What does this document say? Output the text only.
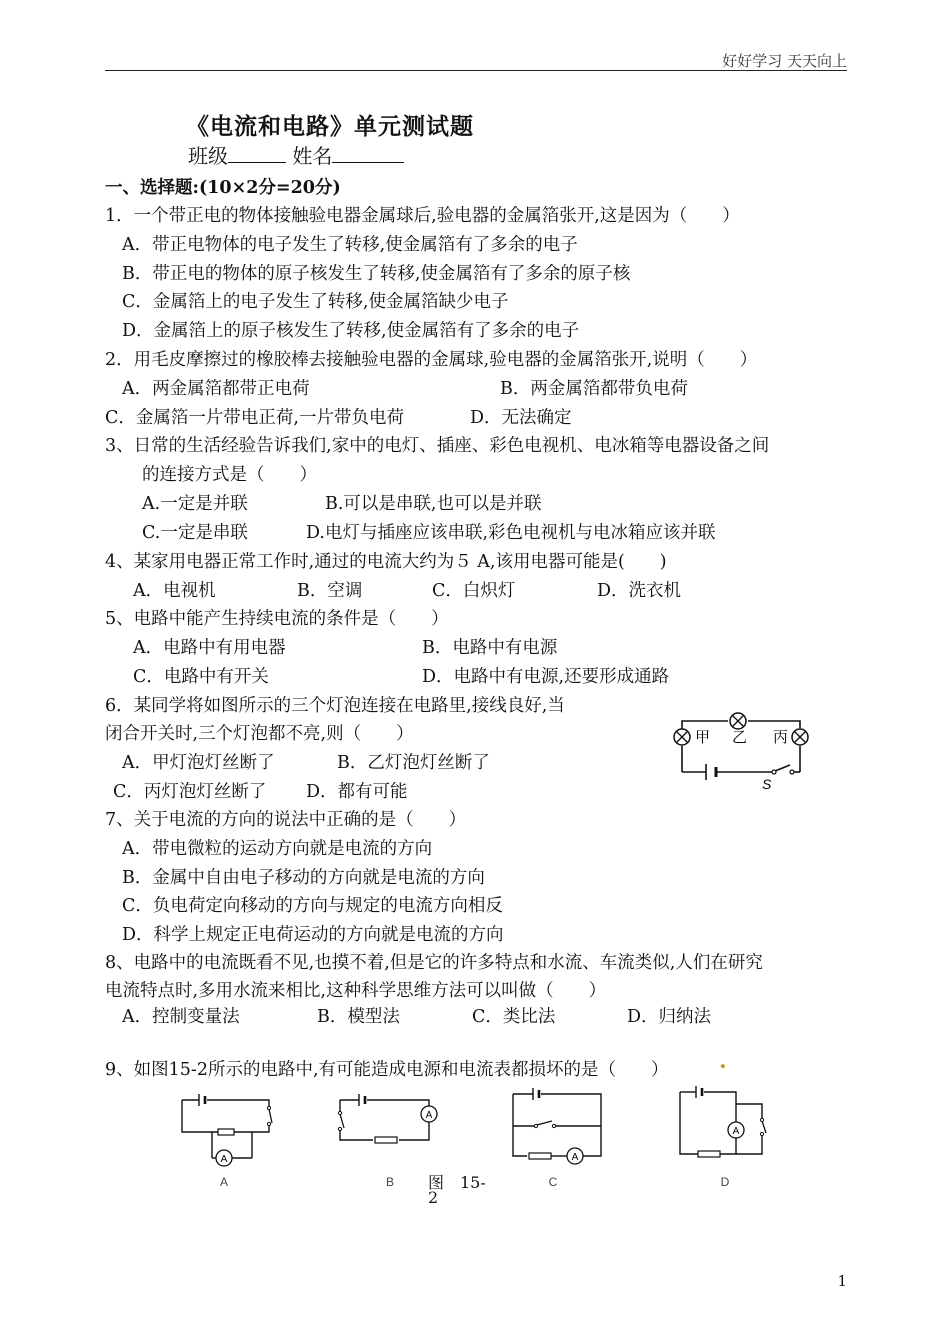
好好学习 天天向上
《电流和电路》单元测试题
班级	姓名
一、选择题:(10×2分=20分)
1．一个带正电的物体接触验电器金属球后,验电器的金属箔张开,这是因为（　　）
A．带正电物体的电子发生了转移,使金属箔有了多余的电子
B．带正电的物体的原子核发生了转移,使金属箔有了多余的原子核
C．金属箔上的电子发生了转移,使金属箔缺少电子
D．金属箔上的原子核发生了转移,使金属箔有了多余的电子
2．用毛皮摩擦过的橡胶棒去接触验电器的金属球,验电器的金属箔张开,说明（　　）
A．两金属箔都带正电荷	B．两金属箔都带负电荷
C．金属箔一片带电正荷,一片带负电荷	D．无法确定
3、日常的生活经验告诉我们,家中的电灯、插座、彩色电视机、电冰箱等电器设备之间
的连接方式是（　　）
A.一定是并联	B.可以是串联,也可以是并联
C.一定是串联	D.电灯与插座应该串联,彩色电视机与电冰箱应该并联
4、某家用电器正常工作时,通过的电流大约为５ A,该用电器可能是(　　)
A．电视机	B．空调	C．白炽灯	D．洗衣机
5、电路中能产生持续电流的条件是（　　）
A．电路中有用电器	B．电路中有电源
C．电路中有开关	D．电路中有电源,还要形成通路
6．某同学将如图所示的三个灯泡连接在电路里,接线良好,当
闭合开关时,三个灯泡都不亮,则（　　）
A．甲灯泡灯丝断了	B．乙灯泡灯丝断了
C．丙灯泡灯丝断了 D．都有可能
甲 乙 丙
S
7、关于电流的方向的说法中正确的是（　　）
A．带电微粒的运动方向就是电流的方向
B．金属中自由电子移动的方向就是电流的方向
C．负电荷定向移动的方向与规定的电流方向相反
D．科学上规定正电荷运动的方向就是电流的方向
8、电路中的电流既看不见,也摸不着,但是它的许多特点和水流、车流类似,人们在研究
电流特点时,多用水流来相比,这种科学思维方法可以叫做（　　）
A．控制变量法	B．模型法	C．类比法	D．归纳法
9、如图15-2所示的电路中,有可能造成电源和电流表都损坏的是（　　） .
A
A
A
B
A
C
A
D
图　15-
2
1
